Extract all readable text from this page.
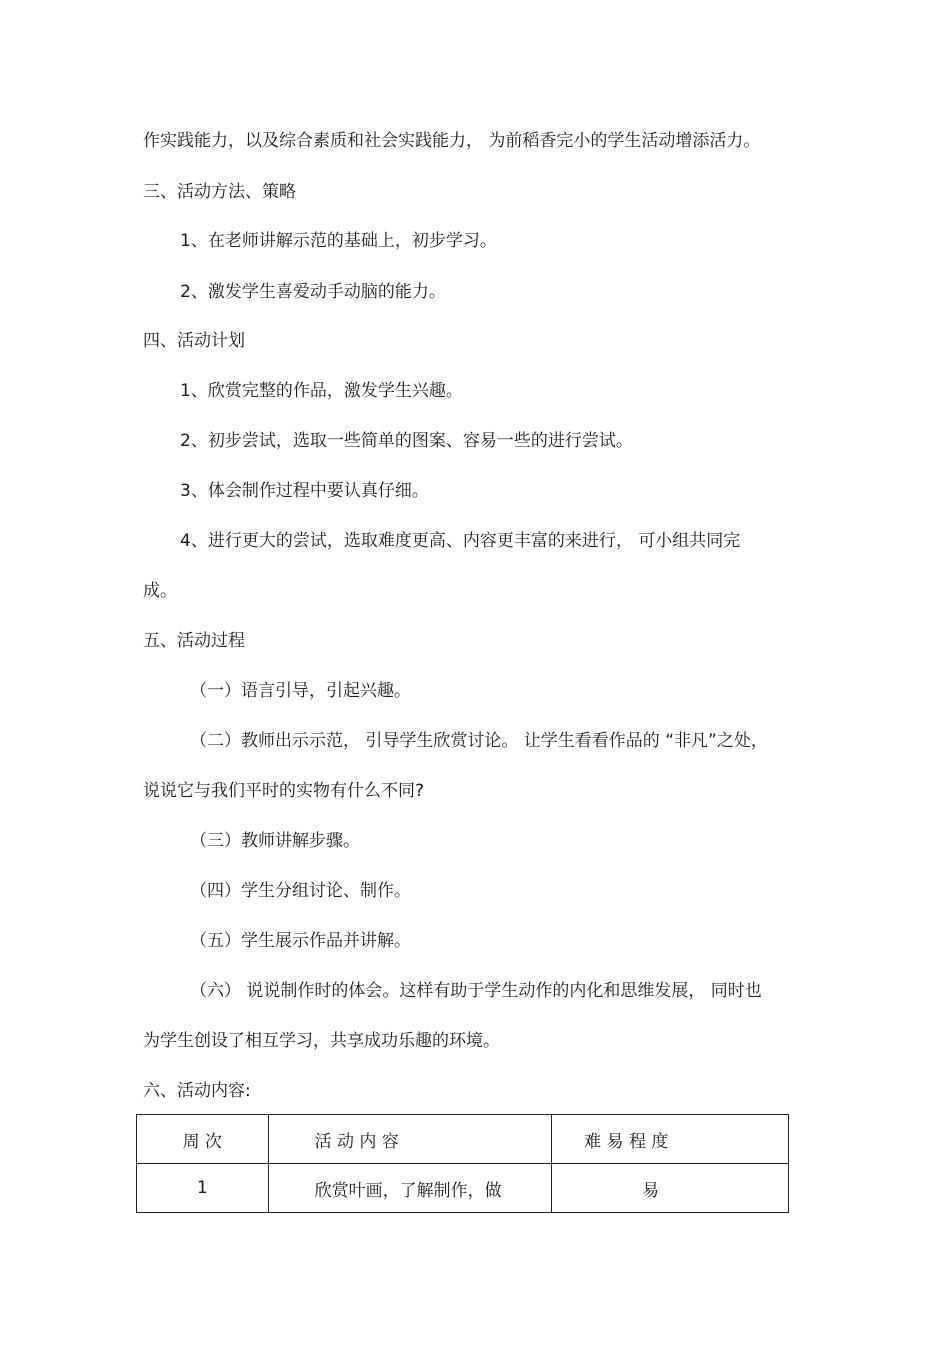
作实践能力，以及综合素质和社会实践能力， 为前稻香完小的学生活动增添活力。
三、活动方法、策略
1、在老师讲解示范的基础上，初步学习。
2、激发学生喜爱动手动脑的能力。
四、活动计划
1、欣赏完整的作品，激发学生兴趣。
2、初步尝试，选取一些简单的图案、容易一些的进行尝试。
3、体会制作过程中要认真仔细。
4、进行更大的尝试，选取难度更高、内容更丰富的来进行， 可小组共同完
成。
五、活动过程
（一）语言引导，引起兴趣。
（二）教师出示示范， 引导学生欣赏讨论。 让学生看看作品的 “非凡”之处，
说说它与我们平时的实物有什么不同?
（三）教师讲解步骤。
（四）学生分组讨论、制作。
（五）学生展示作品并讲解。
（六） 说说制作时的体会。这样有助于学生动作的内化和思维发展， 同时也
为学生创设了相互学习，共享成功乐趣的环境。
六、活动内容:
周 次	活 动 内 容	难 易 程 度
1	欣赏叶画，了解制作，做	易
